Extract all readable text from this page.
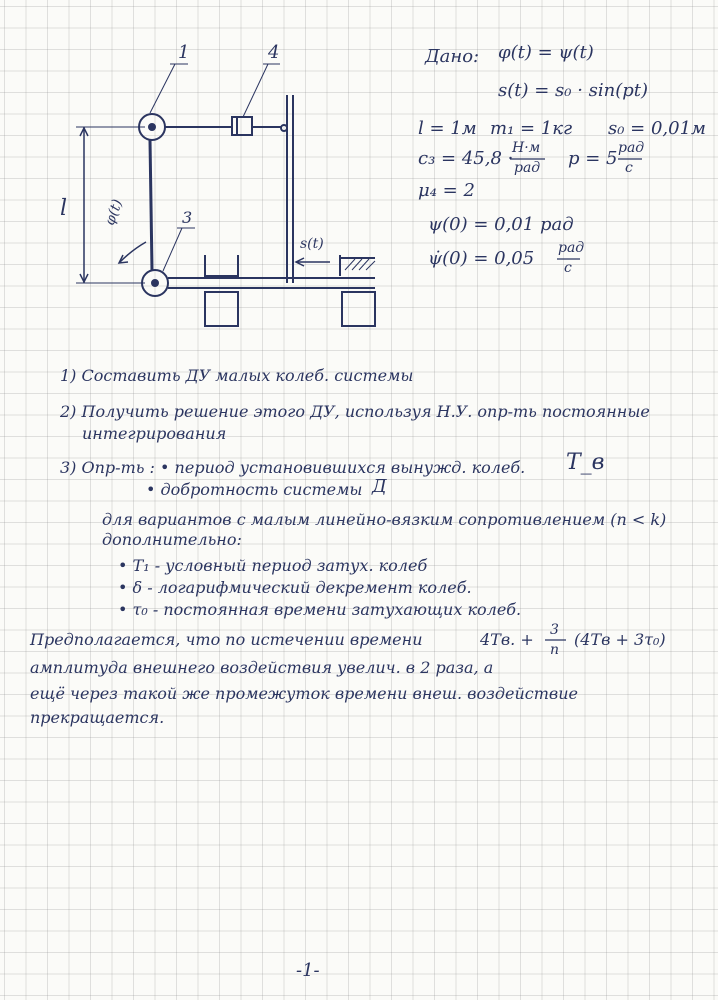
1	4
3
l φ(t)
s(t)
Дано: φ(t) = ψ(t)
s(t) = s₀ · sin(pt)
l = 1м m₁ = 1кг s₀ = 0,01м
c₃ = 45,8 ·
Н·м
рад p = 5 рад
с
μ₄ = 2
ψ(0) = 0,01 рад
ψ̇(0) = 0,05 рад
с
1) Составить ДУ малых колеб. системы
2) Получить решение этого ДУ, используя Н.У. опр-ть постоянные
интегрирования
3) Опр-ть : • период установившихся вынужд. колеб. T_в
• добротность системы Д
для вариантов с малым линейно-вязким сопротивлением (n < k)
дополнительно:
• T₁ - условный период затух. колеб
• δ - логарифмический декремент колеб.
• τ₀ - постоянная времени затухающих колеб.
Предполагается, что по истечении времени	4Tв. + 3
n
(4Tв + 3τ₀)
амплитуда внешнего воздействия увелич. в 2 раза, а
ещё через такой же промежуток времени внеш. воздействие
прекращается.
-1-
